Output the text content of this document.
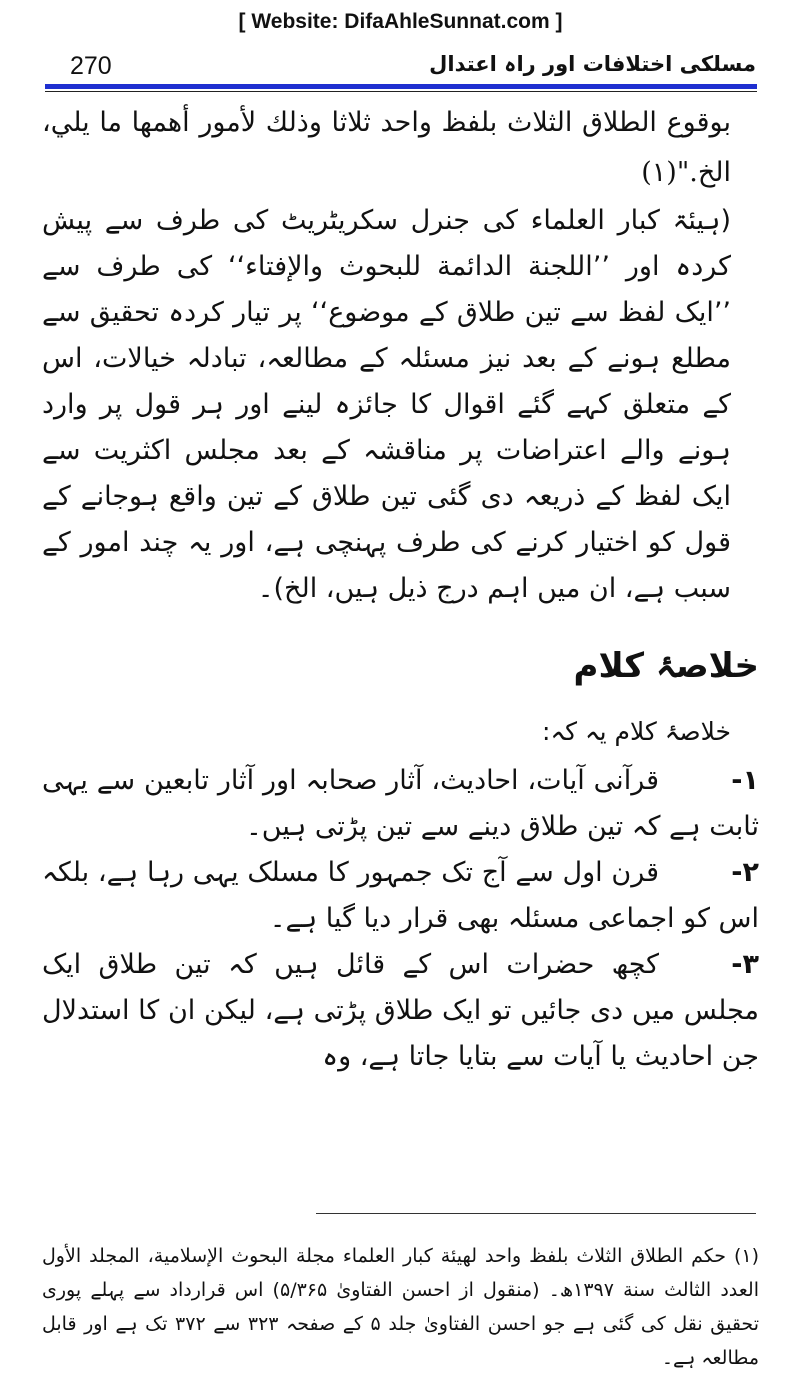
[ Website: DifaAhleSunnat.com ]
270	مسلکی اختلافات اور راہ اعتدال

بوقوع الطلاق الثلاث بلفظ واحد ثلاثا وذلك لأمور أهمها ما يلي، الخ."(۱)

(ہیئۃ کبار العلماء کی جنرل سکریٹریٹ کی طرف سے پیش کردہ اور ’’اللجنة الدائمة للبحوث والإفتاء‘‘ کی طرف سے ’’ایک لفظ سے تین طلاق کے موضوع‘‘ پر تیار کردہ تحقیق سے مطلع ہونے کے بعد نیز مسئلہ کے مطالعہ، تبادلہ خیالات، اس کے متعلق کہے گئے اقوال کا جائزہ لینے اور ہر قول پر وارد ہونے والے اعتراضات پر مناقشہ کے بعد مجلس اکثریت سے ایک لفظ کے ذریعہ دی گئی تین طلاق کے تین واقع ہوجانے کے قول کو اختیار کرنے کی طرف پہنچی ہے، اور یہ چند امور کے سبب ہے، ان میں اہم درج ذیل ہیں، الخ)۔

خلاصۂ کلام

خلاصۂ کلام یہ کہ:

۱-قرآنی آیات، احادیث، آثار صحابہ اور آثار تابعین سے یہی ثابت ہے کہ تین طلاق دینے سے تین پڑتی ہیں۔

۲-قرن اول سے آج تک جمہور کا مسلک یہی رہا ہے، بلکہ اس کو اجماعی مسئلہ بھی قرار دیا گیا ہے۔

۳-کچھ حضرات اس کے قائل ہیں کہ تین طلاق ایک مجلس میں دی جائیں تو ایک طلاق پڑتی ہے، لیکن ان کا استدلال جن احادیث یا آیات سے بتایا جاتا ہے، وہ

(۱) حکم الطلاق الثلاث بلفظ واحد لهيئة كبار العلماء مجلة البحوث الإسلامية، المجلد الأول العدد الثالث سنة ۱۳۹۷ھ۔ (منقول از احسن الفتاویٰ ۵/۳۶۵) اس قرارداد سے پہلے پوری تحقیق نقل کی گئی ہے جو احسن الفتاویٰ جلد ۵ کے صفحہ ۳۲۳ سے ۳۷۲ تک ہے اور قابل مطالعہ ہے۔
